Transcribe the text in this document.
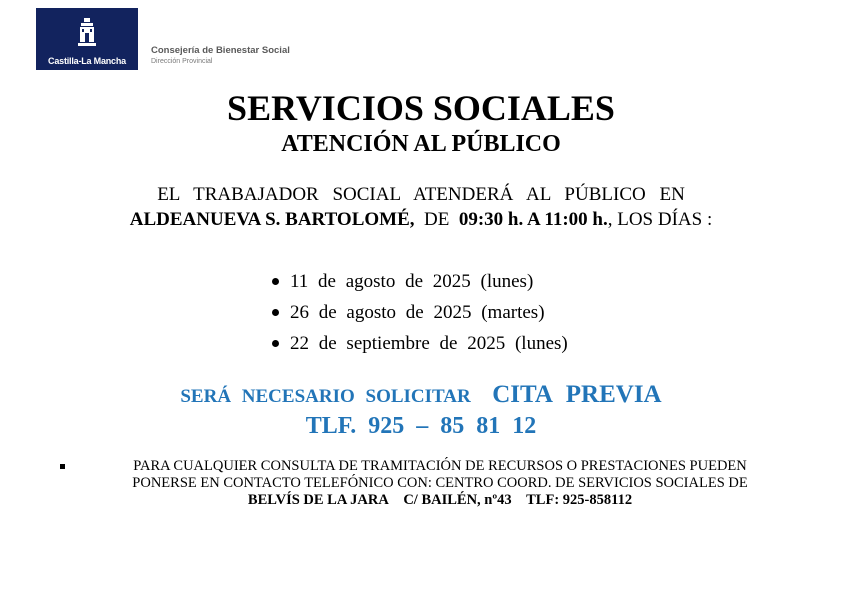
Castilla-La Mancha
Consejería de Bienestar Social
Dirección Provincial
SERVICIOS SOCIALES
ATENCIÓN AL PÚBLICO
EL TRABAJADOR SOCIAL ATENDERÁ AL PÚBLICO EN
ALDEANUEVA S. BARTOLOMÉ, DE 09:30 h. A 11:00 h., LOS DÍAS :
11 de agosto de 2025 (lunes)
26 de agosto de 2025 (martes)
22 de septiembre de 2025 (lunes)
SERÁ NECESARIO SOLICITAR CITA PREVIA
TLF. 925 – 85 81 12
PARA CUALQUIER CONSULTA DE TRAMITACIÓN DE RECURSOS O PRESTACIONES PUEDEN
PONERSE EN CONTACTO TELEFÓNICO CON: CENTRO COORD. DE SERVICIOS SOCIALES DE
BELVÍS DE LA JARA C/ BAILÉN, nº43 TLF: 925-858112
